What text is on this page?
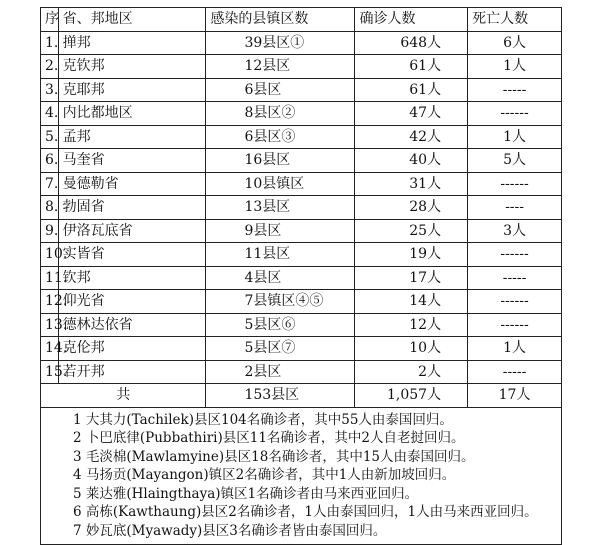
序	省、邦地区	感染的县镇区数	确诊人数	死亡人数
1.	掸邦	39县区①	648人	6人
2.	克钦邦	12县区	61人	1人
3.	克耶邦	6县区	61人	-----
4.	内比都地区	8县区②	47人	------
5.	孟邦	6县区③	42人	1人
6.	马奎省	16县区	40人	5人
7.	曼德勒省	10县镇区	31人	------
8.	勃固省	13县区	28人	----
9.	伊洛瓦底省	9县区	25人	3人
10.	实皆省	11县区	19人	------
11.	钦邦	4县区	17人	-----
12.	仰光省	7县镇区④⑤	14人	------
13.	德林达依省	5县区⑥	12人	------
14.	克伦邦	5县区⑦	10人	1人
15.	若开邦	2县区	2人	-----
共		153县区	1,057人	17人
1 大其力(Tachilek)县区104名确诊者，其中55人由泰国回归。
2 卜巴底律(Pubbathiri)县区11名确诊者，其中2人自老挝回归。
3 毛淡棉(Mawlamyine)县区18名确诊者，其中15人由泰国回归。
4 马扬贡(Mayangon)镇区2名确诊者，其中1人由新加坡回归。
5 莱达雅(Hlaingthaya)镇区1名确诊者由马来西亚回归。
6 高栋(Kawthaung)县区2名确诊者，1人由泰国回归，1人由马来西亚回归。
7 妙瓦底(Myawady)县区3名确诊者皆由泰国回归。
